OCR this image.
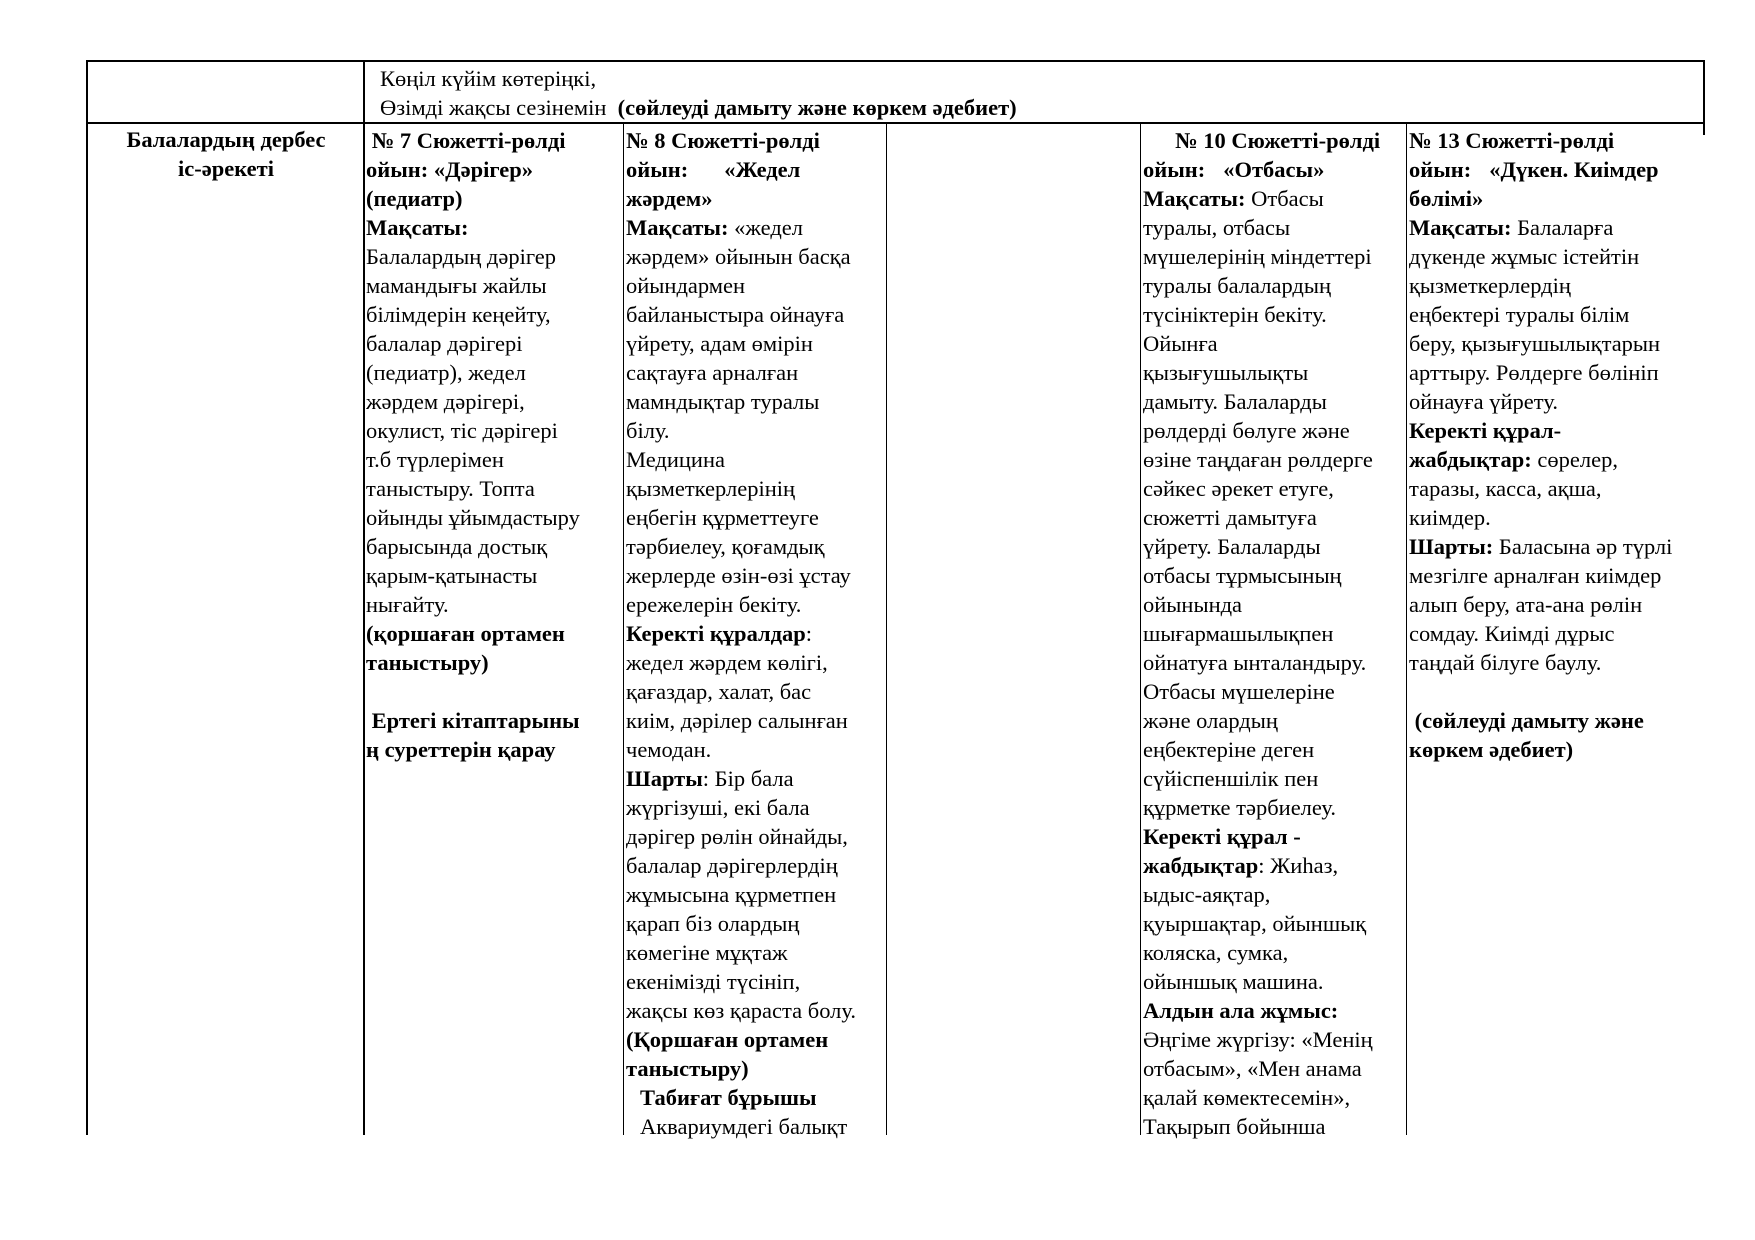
Көңіл күйім көтеріңкі,
Өзімді жақсы сезінемін (сөйлеуді дамыту және көркем әдебиет)
Балалардың дербес
іс-әрекеті
№ 7 Сюжетті-рөлді
ойын: «Дәрігер»
(педиатр)
Мақсаты:
Балалардың дәрігер
мамандығы жайлы
білімдерін кеңейту,
балалар дәрігері
(педиатр), жедел
жәрдем дәрігері,
окулист, тіс дәрігері
т.б түрлерімен
таныстыру. Топта
ойынды ұйымдастыру
барысында достық
қарым-қатынасты
нығайту.
(қоршаған ортамен
таныстыру)
Ертегі кітаптарыны
ң суреттерін қарау
№ 8 Сюжетті-рөлді
ойын: «Жедел
жәрдем»
Мақсаты: «жедел
жәрдем» ойынын басқа
ойындармен
байланыстыра ойнауға
үйрету, адам өмірін
сақтауға арналған
мамндықтар туралы
білу.
Медицина
қызметкерлерінің
еңбегін құрметтеуге
тәрбиелеу, қоғамдық
жерлерде өзін-өзі ұстау
ережелерін бекіту.
Керекті құралдар:
жедел жәрдем көлігі,
қағаздар, халат, бас
киім, дәрілер салынған
чемодан.
Шарты: Бір бала
жүргізуші, екі бала
дәрігер рөлін ойнайды,
балалар дәрігерлердің
жұмысына құрметпен
қарап біз олардың
көмегіне мұқтаж
екенімізді түсініп,
жақсы көз қараста болу.
(Қоршаған ортамен
таныстыру)
Табиғат бұрышы
Аквариумдегі балықт
№ 10 Сюжетті-рөлді
ойын: «Отбасы»
Мақсаты: Отбасы
туралы, отбасы
мүшелерінің міндеттері
туралы балалардың
түсініктерін бекіту.
Ойынға
қызығушылықты
дамыту. Балаларды
рөлдерді бөлуге және
өзіне таңдаған рөлдерге
сәйкес әрекет етуге,
сюжетті дамытуға
үйрету. Балаларды
отбасы тұрмысының
ойынында
шығармашылықпен
ойнатуға ынталандыру.
Отбасы мүшелеріне
және олардың
еңбектеріне деген
сүйіспеншілік пен
құрметке тәрбиелеу.
Керекті құрал -
жабдықтар: Жиһаз,
ыдыс-аяқтар,
қуыршақтар, ойыншық
коляска, сумка,
ойыншық машина.
Алдын ала жұмыс:
Әңгіме жүргізу: «Менің
отбасым», «Мен анама
қалай көмектесемін»,
Тақырып бойынша
№ 13 Сюжетті-рөлді
ойын: «Дүкен. Киімдер
бөлімі»
Мақсаты: Балаларға
дүкенде жұмыс істейтін
қызметкерлердің
еңбектері туралы білім
беру, қызығушылықтарын
арттыру. Рөлдерге бөлініп
ойнауға үйрету.
Керекті құрал-
жабдықтар: сөрелер,
таразы, касса, ақша,
киімдер.
Шарты: Баласына әр түрлі
мезгілге арналған киімдер
алып беру, ата-ана рөлін
сомдау. Киімді дұрыс
таңдай білуге баулу.
(сөйлеуді дамыту және
көркем әдебиет)
